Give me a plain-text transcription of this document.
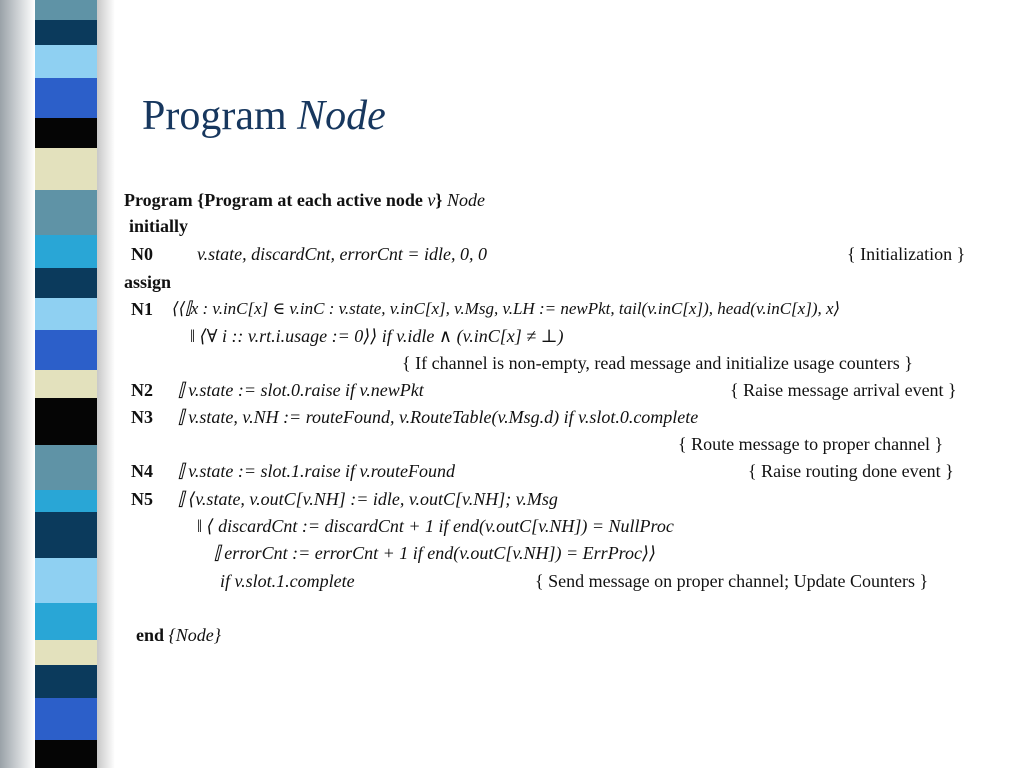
Program Node
Program {Program at each active node v} Node
initially
N0 v.state, discardCnt, errorCnt = idle, 0, 0	{ Initialization }
assign
N1 ⟨⟨⫿x : v.inC[x] ∈ v.inC : v.state, v.inC[x], v.Msg, v.LH := newPkt, tail(v.inC[x]), head(v.inC[x]), x⟩
‖ ⟨∀ i :: v.rt.i.usage := 0⟩⟩ if v.idle ∧ (v.inC[x] ≠ ⊥)
{ If channel is non-empty, read message and initialize usage counters }
N2 ⫿ v.state := slot.0.raise if v.newPkt	{ Raise message arrival event }
N3 ⫿ v.state, v.NH := routeFound, v.RouteTable(v.Msg.d) if v.slot.0.complete
{ Route message to proper channel }
N4 ⫿ v.state := slot.1.raise if v.routeFound	{ Raise routing done event }
N5 ⫿ ⟨v.state, v.outC[v.NH] := idle, v.outC[v.NH]; v.Msg
‖ ⟨ discardCnt := discardCnt + 1 if end(v.outC[v.NH]) = NullProc
⫿ errorCnt := errorCnt + 1 if end(v.outC[v.NH]) = ErrProc⟩⟩
if v.slot.1.complete	{ Send message on proper channel; Update Counters }
end {Node}
